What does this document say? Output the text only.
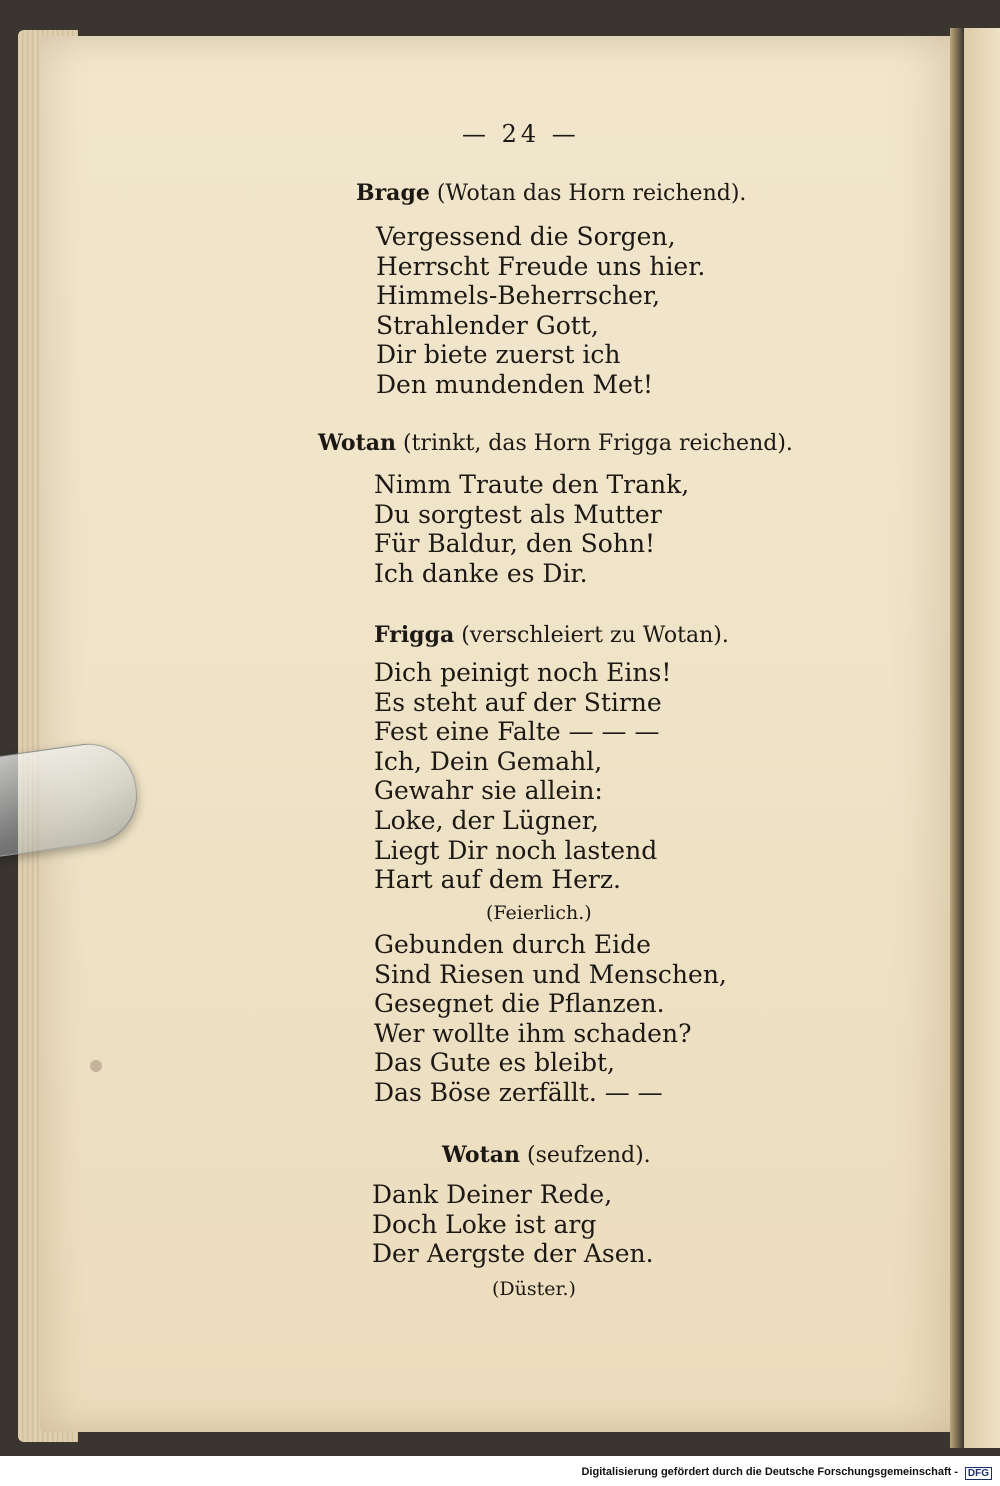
— 24 —
Brage (Wotan das Horn reichend).
Vergessend die Sorgen,
Herrscht Freude uns hier.
Himmels-Beherrscher,
Strahlender Gott,
Dir biete zuerst ich
Den mundenden Met!
Wotan (trinkt, das Horn Frigga reichend).
Nimm Traute den Trank,
Du sorgtest als Mutter
Für Baldur, den Sohn!
Ich danke es Dir.
Frigga (verschleiert zu Wotan).
Dich peinigt noch Eins!
Es steht auf der Stirne
Fest eine Falte — — —
Ich, Dein Gemahl,
Gewahr sie allein:
Loke, der Lügner,
Liegt Dir noch lastend
Hart auf dem Herz.
(Feierlich.)
Gebunden durch Eide
Sind Riesen und Menschen,
Gesegnet die Pflanzen.
Wer wollte ihm schaden?
Das Gute es bleibt,
Das Böse zerfällt. — —
Wotan (seufzend).
Dank Deiner Rede,
Doch Loke ist arg
Der Aergste der Asen.
(Düster.)
Digitalisierung gefördert durch die Deutsche Forschungsgemeinschaft - DFG
